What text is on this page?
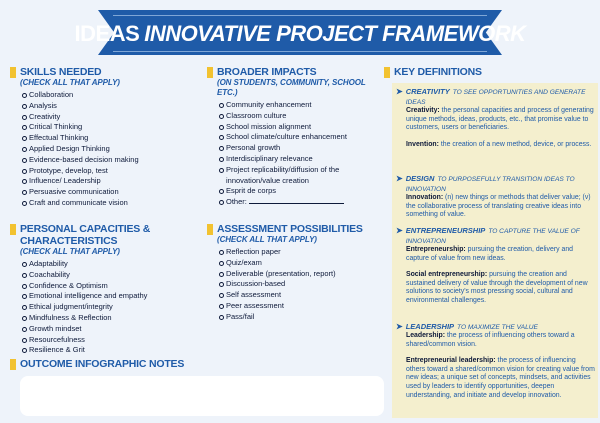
IDEAS INNOVATIVE PROJECT FRAMEWORK
SKILLS NEEDED
(CHECK ALL THAT APPLY)
Collaboration
Analysis
Creativity
Critical Thinking
Effectual Thinking
Applied Design Thinking
Evidence-based decision making
Prototype, develop, test
Influence/ Leadership
Persuasive communication
Craft and communicate vision
BROADER IMPACTS
(ON STUDENTS, COMMUNITY, SCHOOL ETC.)
Community enhancement
Classroom culture
School mission alignment
School climate/culture enhancement
Personal growth
Interdisciplinary relevance
Project replicability/diffusion of the innovation/value creation
Esprit de corps
Other:
PERSONAL CAPACITIES & CHARACTERISTICS
(CHECK ALL THAT APPLY)
Adaptability
Coachability
Confidence & Optimism
Emotional intelligence and empathy
Ethical judgment/integrity
Mindfulness & Reflection
Growth mindset
Resourcefulness
Resilience & Grit
ASSESSMENT POSSIBILITIES
(CHECK ALL THAT APPLY)
Reflection paper
Quiz/exam
Deliverable (presentation, report)
Discussion-based
Self assessment
Peer assessment
Pass/fail
OUTCOME INFOGRAPHIC NOTES
KEY DEFINITIONS
➤ CREATIVITY TO SEE OPPORTUNITIES AND GENERATE IDEAS

Creativity: the personal capacities and process of generating unique methods, ideas, products, etc., that promise value to customers, users or beneficiaries.

Invention: the creation of a new method, device, or process.

➤ DESIGN TO PURPOSEFULLY TRANSITION IDEAS TO INNOVATION

Innovation: (n) new things or methods that deliver value; (v) the collaborative process of translating creative ideas into something of value.

➤ ENTREPRENEURSHIP TO CAPTURE THE VALUE OF INNOVATION

Entrepreneurship: pursuing the creation, delivery and capture of value from new ideas.

Social entrepreneurship: pursuing the creation and sustained delivery of value through the development of new solutions to society's most pressing social, cultural and environmental challenges.

➤ LEADERSHIP TO MAXIMIZE THE VALUE

Leadership: the process of influencing others toward a shared/common vision.

Entrepreneurial leadership: the process of influencing others toward a shared/common vision for creating value from new ideas; a unique set of concepts, mindsets, and activities used by leaders to identify opportunities, deepen understanding, and initiate and develop innovation.
